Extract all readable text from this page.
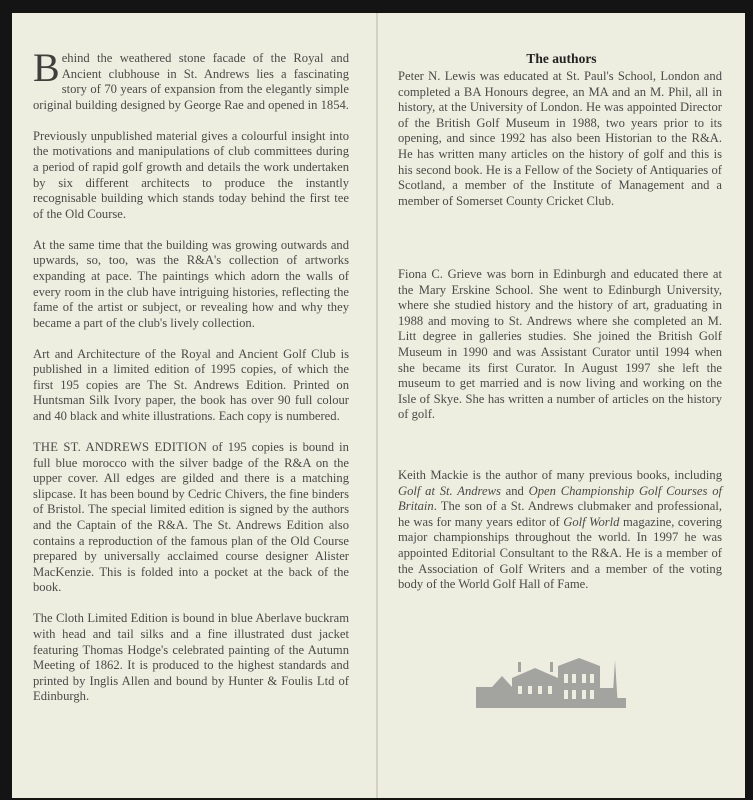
Behind the weathered stone facade of the Royal and Ancient clubhouse in St. Andrews lies a fascinating story of 70 years of expansion from the elegantly simple original building designed by George Rae and opened in 1854.

Previously unpublished material gives a colourful insight into the motivations and manipulations of club committees during a period of rapid golf growth and details the work undertaken by six different architects to produce the instantly recognisable building which stands today behind the first tee of the Old Course.

At the same time that the building was growing outwards and upwards, so, too, was the R&A's collection of artworks expanding at pace. The paintings which adorn the walls of every room in the club have intriguing histories, reflecting the fame of the artist or subject, or revealing how and why they became a part of the club's lively collection.

Art and Architecture of the Royal and Ancient Golf Club is published in a limited edition of 1995 copies, of which the first 195 copies are The St. Andrews Edition. Printed on Huntsman Silk Ivory paper, the book has over 90 full colour and 40 black and white illustrations. Each copy is numbered.

THE ST. ANDREWS EDITION of 195 copies is bound in full blue morocco with the silver badge of the R&A on the upper cover. All edges are gilded and there is a matching slipcase. It has been bound by Cedric Chivers, the fine binders of Bristol. The special limited edition is signed by the authors and the Captain of the R&A. The St. Andrews Edition also contains a reproduction of the famous plan of the Old Course prepared by universally acclaimed course designer Alister MacKenzie. This is folded into a pocket at the back of the book.

The Cloth Limited Edition is bound in blue Aberlave buckram with head and tail silks and a fine illustrated dust jacket featuring Thomas Hodge's celebrated painting of the Autumn Meeting of 1862. It is produced to the highest standards and printed by Inglis Allen and bound by Hunter & Foulis Ltd of Edinburgh.

The authors
Peter N. Lewis was educated at St. Paul's School, London and completed a BA Honours degree, an MA and an M. Phil, all in history, at the University of London. He was appointed Director of the British Golf Museum in 1988, two years prior to its opening, and since 1992 has also been Historian to the R&A. He has written many articles on the history of golf and this is his second book. He is a Fellow of the Society of Antiquaries of Scotland, a member of the Institute of Management and a member of Somerset County Cricket Club.
Fiona C. Grieve was born in Edinburgh and educated there at the Mary Erskine School. She went to Edinburgh University, where she studied history and the history of art, graduating in 1988 and moving to St. Andrews where she completed an M. Litt degree in galleries studies. She joined the British Golf Museum in 1990 and was Assistant Curator until 1994 when she became its first Curator. In August 1997 she left the museum to get married and is now living and working on the Isle of Skye. She has written a number of articles on the history of golf.
Keith Mackie is the author of many previous books, including Golf at St. Andrews and Open Championship Golf Courses of Britain. The son of a St. Andrews clubmaker and professional, he was for many years editor of Golf World magazine, covering major championships throughout the world. In 1997 he was appointed Editorial Consultant to the R&A. He is a member of the Association of Golf Writers and a member of the voting body of the World Golf Hall of Fame.
